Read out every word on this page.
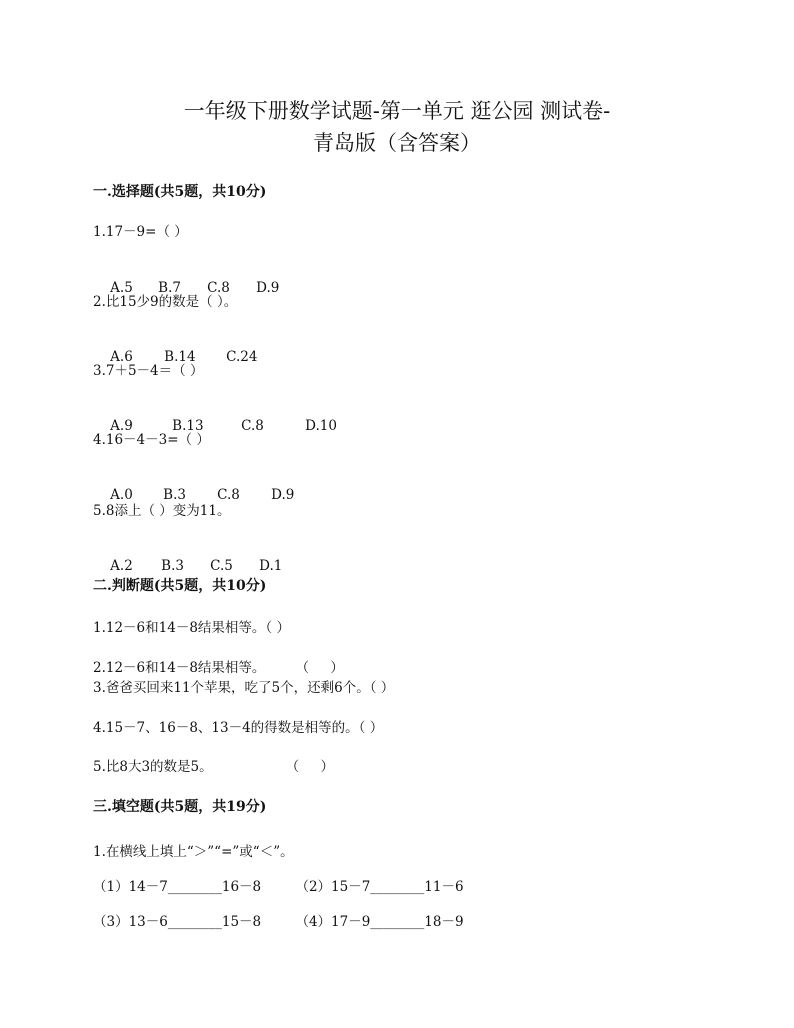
一年级下册数学试题-第一单元 逛公园 测试卷-
青岛版（含答案）
一.选择题(共5题，共10分)
1.17－9=（ ）

A.5 B.7 C.8 D.9

2.比15少9的数是（ ）。

A.6 B.14 C.24

3.7＋5－4＝（ ）

A.9	B.13	C.8	D.10

4.16－4－3=（ ）

A.0 B.3 C.8 D.9

5.8添上（ ）变为11。

A.2 B.3 C.5 D.1

二.判断题(共5题，共10分)
1.12－6和14－8结果相等。（ ）
2.12－6和14－8结果相等。       （     ）
3.爸爸买回来11个苹果，吃了5个，还剩6个。（ ）
4.15－7、16－8、13－4的得数是相等的。（ ）
5.比8大3的数是5。                 （     ）
三.填空题(共5题，共19分)
1.在横线上填上“＞”“=”或“＜”。
（1）14－7________16－8        （2）15－7________11－6
（3）13－6________15－8        （4）17－9________18－9
